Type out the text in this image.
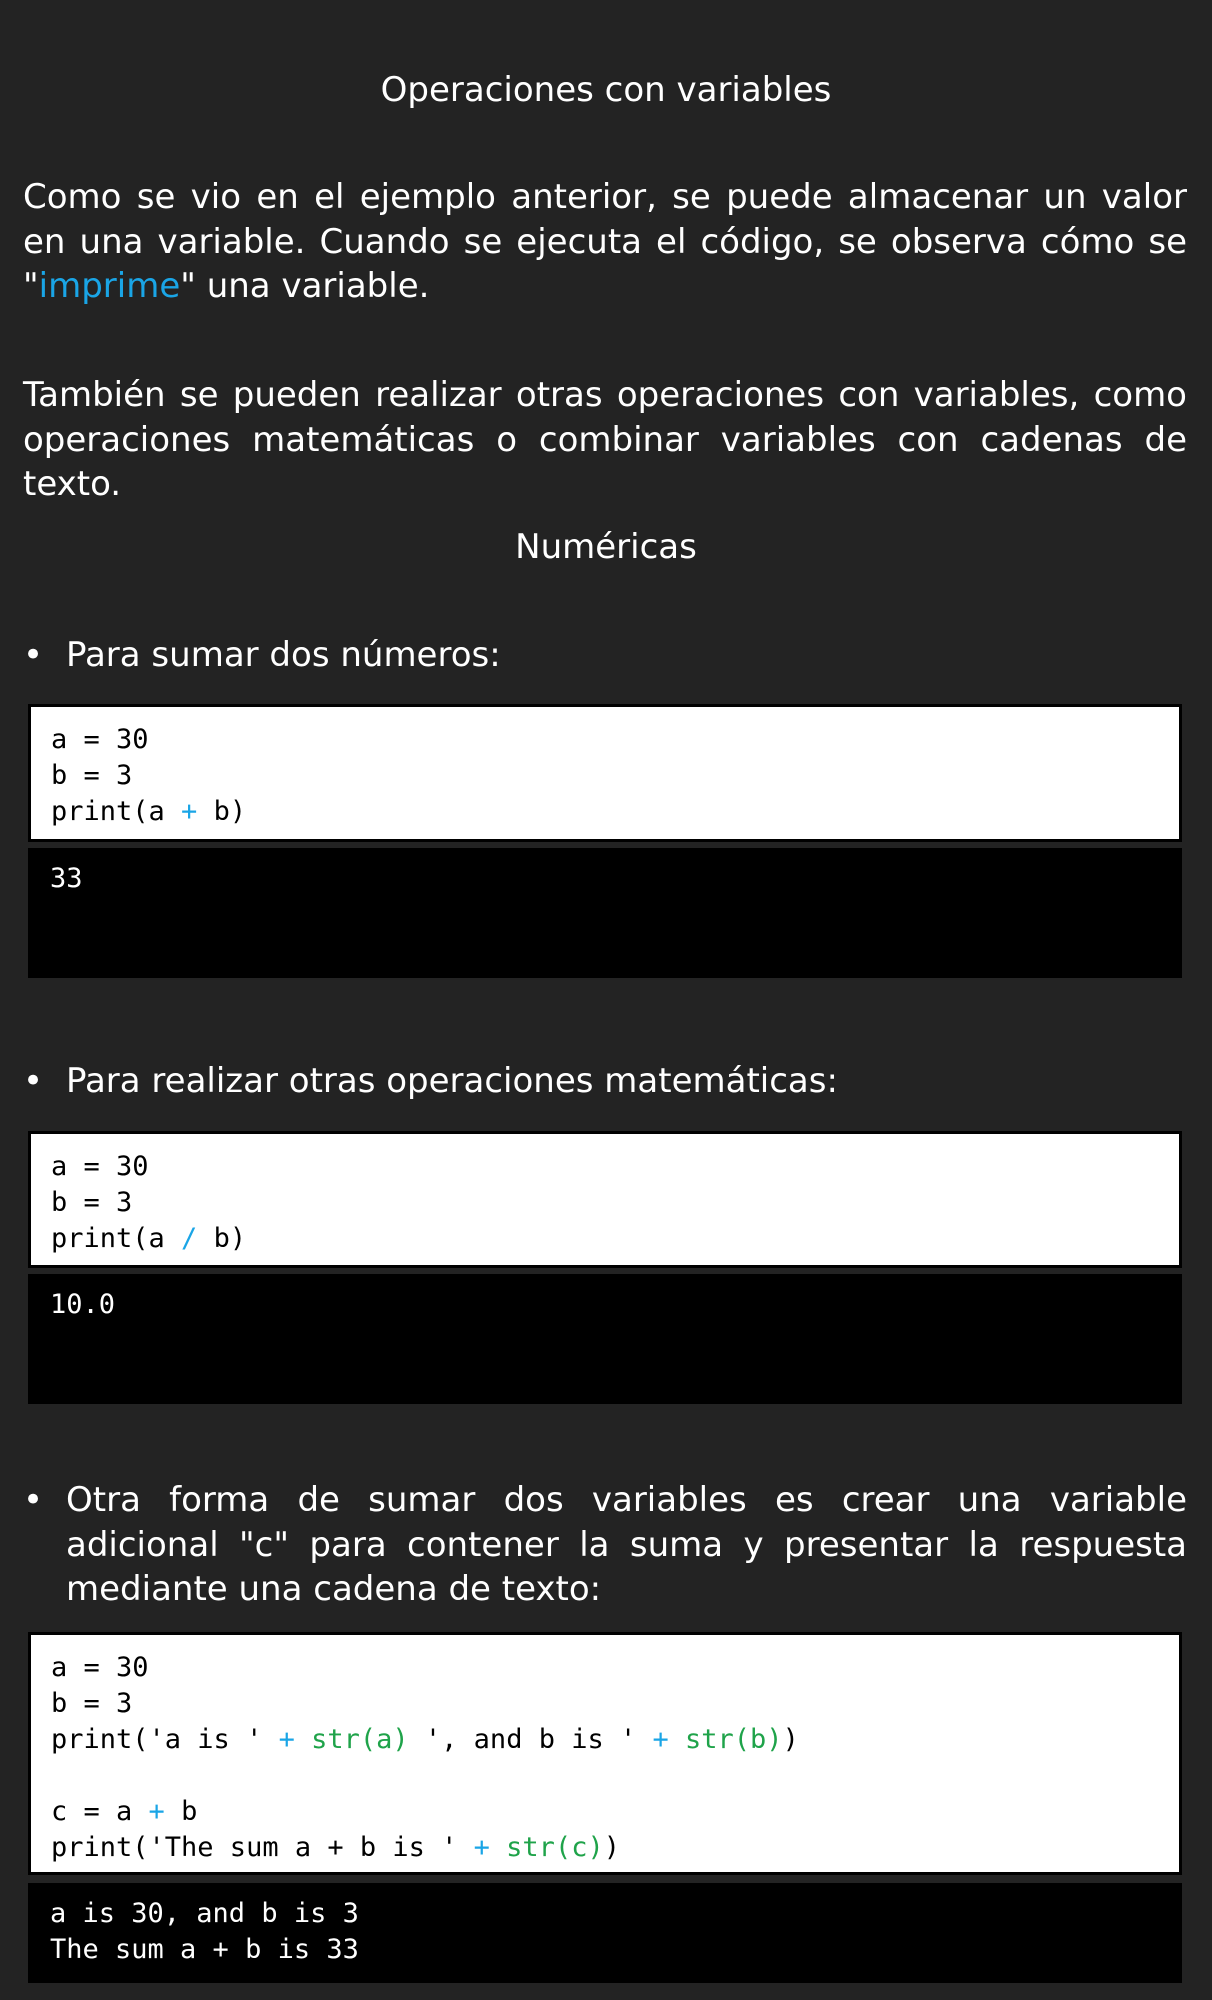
Operaciones con variables
Como se vio en el ejemplo anterior, se puede almacenar un valor en una variable. Cuando se ejecuta el código, se observa cómo se "imprime" una variable.
También se pueden realizar otras operaciones con variables, como operaciones matemáticas o combinar variables con cadenas de texto.
Numéricas
• Para sumar dos números:
a = 30
b = 3
print(a + b)
33
• Para realizar otras operaciones matemáticas:
a = 30
b = 3
print(a / b)
10.0
• Otra forma de sumar dos variables es crear una variable adicional "c" para contener la suma y presentar la respuesta mediante una cadena de texto:
a = 30
b = 3
print('a is ' + str(a) ', and b is ' + str(b))
c = a + b
print('The sum a + b is ' + str(c))
a is 30, and b is 3
The sum a + b is 33
